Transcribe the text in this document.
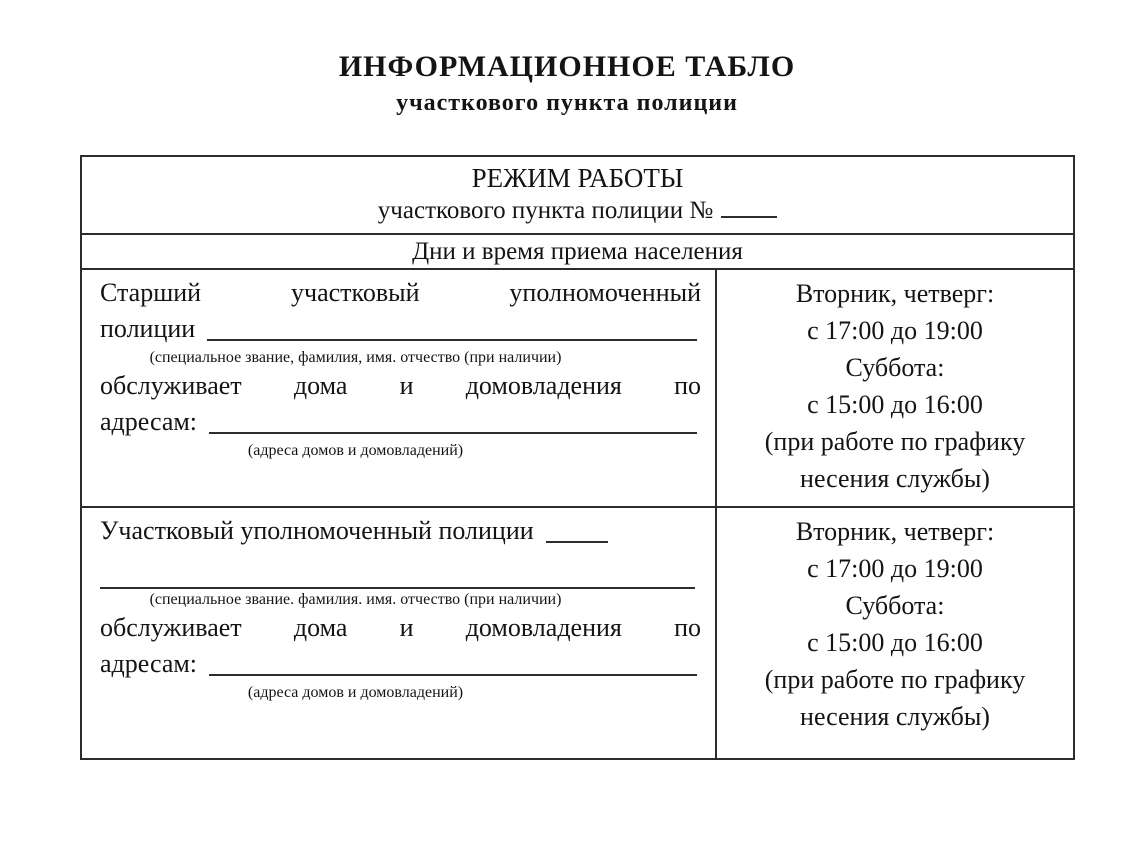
ИНФОРМАЦИОННОЕ ТАБЛО
участкового пункта полиции
РЕЖИМ РАБОТЫ
участкового пункта полиции №
Дни и время приема населения
Старший участковый уполномоченный
полиции
(специальное звание, фамилия, имя. отчество (при наличии)
обслуживает дома и домовладения по
адресам:
(адреса домов и домовладений)
Вторник, четверг:
с 17:00 до 19:00
Суббота:
с 15:00 до 16:00
(при работе по графику
несения службы)
Участковый уполномоченный полиции
(специальное звание. фамилия. имя. отчество (при наличии)
обслуживает дома и домовладения по
адресам:
(адреса домов и домовладений)
Вторник, четверг:
с 17:00 до 19:00
Суббота:
с 15:00 до 16:00
(при работе по графику
несения службы)
